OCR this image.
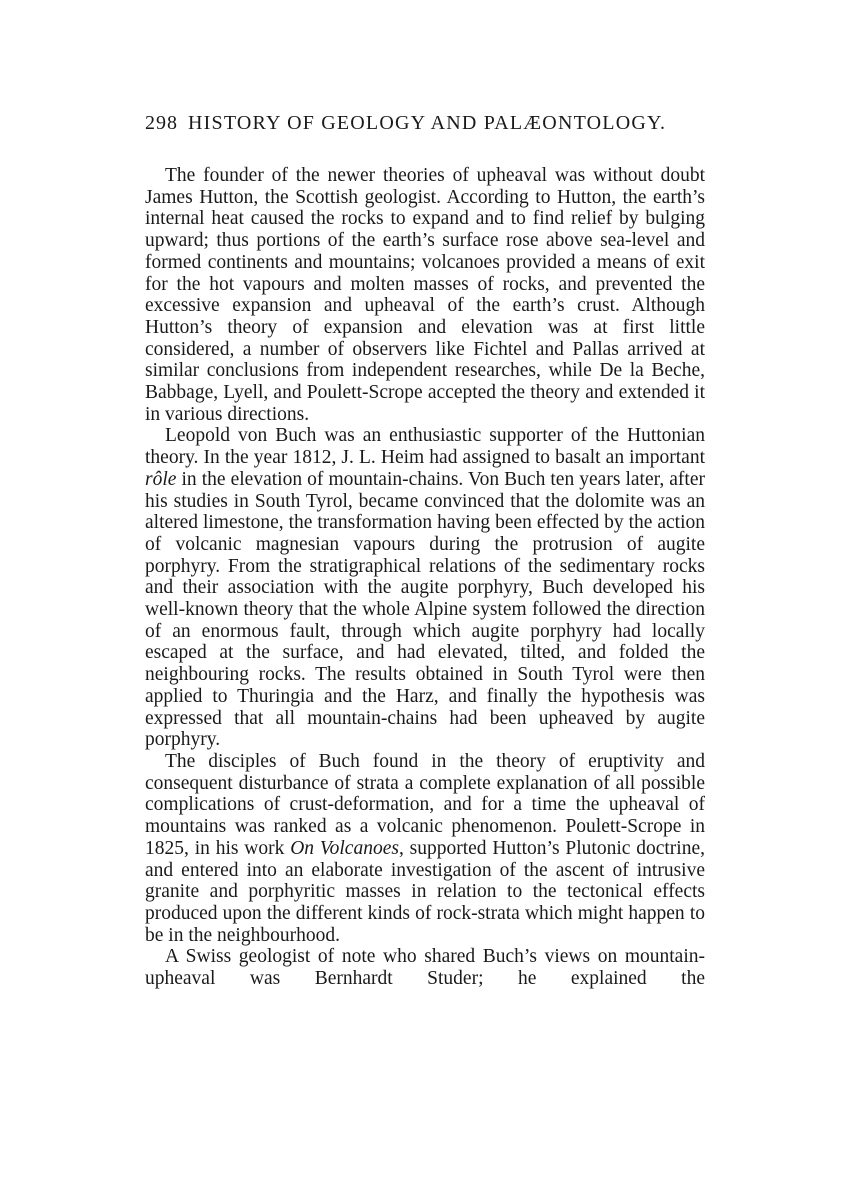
298 HISTORY OF GEOLOGY AND PALÆONTOLOGY.

The founder of the newer theories of upheaval was without doubt James Hutton, the Scottish geologist. According to Hutton, the earth’s internal heat caused the rocks to expand and to find relief by bulging upward; thus portions of the earth’s surface rose above sea-level and formed continents and mountains; volcanoes provided a means of exit for the hot vapours and molten masses of rocks, and prevented the excessive expansion and upheaval of the earth’s crust. Although Hutton’s theory of expansion and elevation was at first little considered, a number of observers like Fichtel and Pallas arrived at similar conclusions from independent researches, while De la Beche, Babbage, Lyell, and Poulett-Scrope accepted the theory and extended it in various directions.

Leopold von Buch was an enthusiastic supporter of the Huttonian theory. In the year 1812, J. L. Heim had assigned to basalt an important rôle in the elevation of mountain-chains. Von Buch ten years later, after his studies in South Tyrol, became convinced that the dolomite was an altered limestone, the transformation having been effected by the action of volcanic magnesian vapours during the protrusion of augite porphyry. From the stratigraphical relations of the sedimentary rocks and their association with the augite porphyry, Buch developed his well-known theory that the whole Alpine system followed the direction of an enormous fault, through which augite porphyry had locally escaped at the surface, and had elevated, tilted, and folded the neighbouring rocks. The results obtained in South Tyrol were then applied to Thuringia and the Harz, and finally the hypothesis was expressed that all mountain-chains had been upheaved by augite porphyry.

The disciples of Buch found in the theory of eruptivity and consequent disturbance of strata a complete explanation of all possible complications of crust-deformation, and for a time the upheaval of mountains was ranked as a volcanic phenomenon. Poulett-Scrope in 1825, in his work On Volcanoes, supported Hutton’s Plutonic doctrine, and entered into an elaborate investigation of the ascent of intrusive granite and porphyritic masses in relation to the tectonical effects produced upon the different kinds of rock-strata which might happen to be in the neighbourhood.

A Swiss geologist of note who shared Buch’s views on mountain-upheaval was Bernhardt Studer; he explained the
